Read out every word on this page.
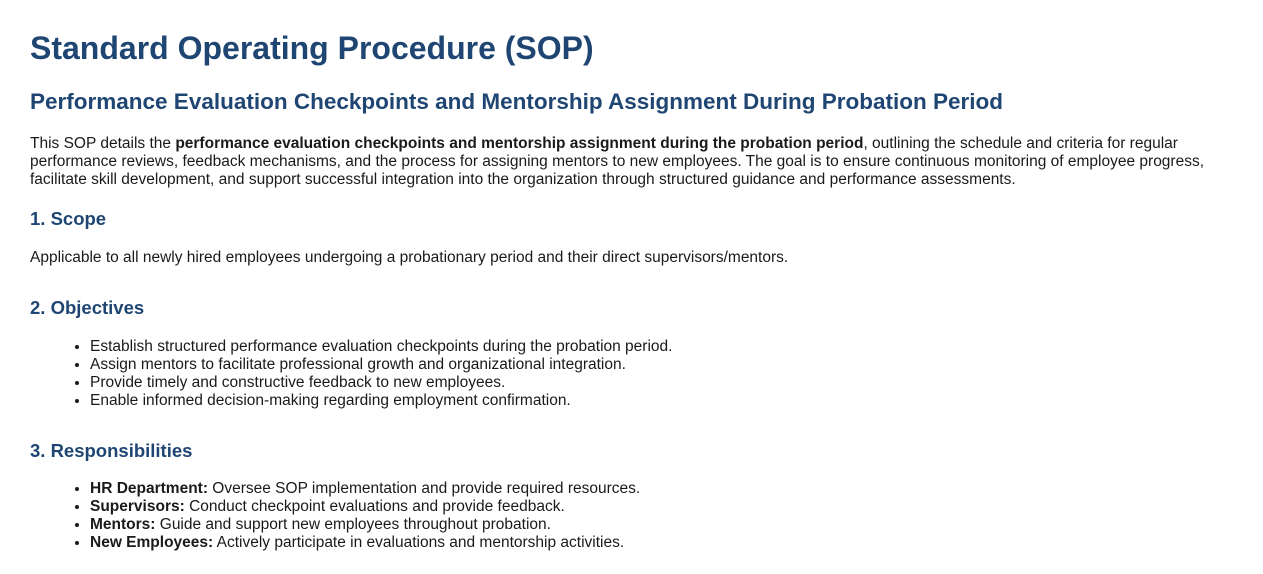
Standard Operating Procedure (SOP)
Performance Evaluation Checkpoints and Mentorship Assignment During Probation Period

This SOP details the performance evaluation checkpoints and mentorship assignment during the probation period, outlining the schedule and criteria for regular performance reviews, feedback mechanisms, and the process for assigning mentors to new employees. The goal is to ensure continuous monitoring of employee progress, facilitate skill development, and support successful integration into the organization through structured guidance and performance assessments.

1. Scope

Applicable to all newly hired employees undergoing a probationary period and their direct supervisors/mentors.

2. Objectives
• Establish structured performance evaluation checkpoints during the probation period.
• Assign mentors to facilitate professional growth and organizational integration.
• Provide timely and constructive feedback to new employees.
• Enable informed decision-making regarding employment confirmation.
3. Responsibilities
• HR Department: Oversee SOP implementation and provide required resources.
• Supervisors: Conduct checkpoint evaluations and provide feedback.
• Mentors: Guide and support new employees throughout probation.
• New Employees: Actively participate in evaluations and mentorship activities.
